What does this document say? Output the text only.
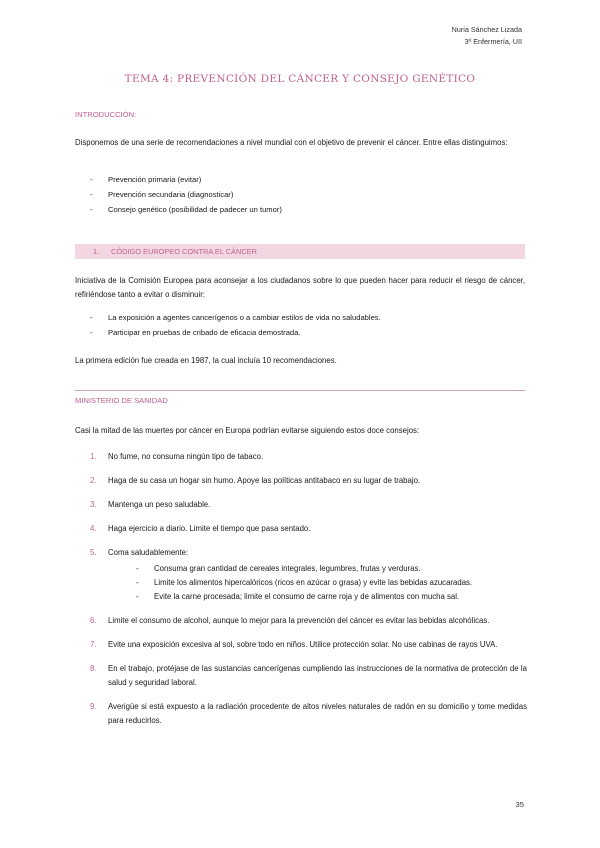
Nuria Sánchez Lizada
3º Enfermería, UII
TEMA 4: PREVENCIÓN DEL CÁNCER Y CONSEJO GENÉTICO
INTRODUCCIÓN:
Disponemos de una serie de recomendaciones a nivel mundial con el objetivo de prevenir el cáncer. Entre ellas distinguimos:
- Prevención primaria (evitar)
- Prevención secundaria (diagnosticar)
- Consejo genético (posibilidad de padecer un tumor)
1. CÓDIGO EUROPEO CONTRA EL CÁNCER
Iniciativa de la Comisión Europea para aconsejar a los ciudadanos sobre lo que pueden hacer para reducir el riesgo de cáncer, refiriéndose tanto a evitar o disminuir:
- La exposición a agentes cancerígenos o a cambiar estilos de vida no saludables.
- Participar en pruebas de cribado de eficacia demostrada.
La primera edición fue creada en 1987, la cual incluía 10 recomendaciones.
MINISTERIO DE SANIDAD
Casi la mitad de las muertes por cáncer en Europa podrían evitarse siguiendo estos doce consejos:
1. No fume, no consuma ningún tipo de tabaco.
2. Haga de su casa un hogar sin humo. Apoye las políticas antitabaco en su lugar de trabajo.
3. Mantenga un peso saludable.
4. Haga ejercicio a diario. Limite el tiempo que pasa sentado.
5. Coma saludablemente:
- Consuma gran cantidad de cereales integrales, legumbres, frutas y verduras.
- Limite los alimentos hipercalóricos (ricos en azúcar o grasa) y evite las bebidas azucaradas.
- Evite la carne procesada; limite el consumo de carne roja y de alimentos con mucha sal.
6. Limite el consumo de alcohol, aunque lo mejor para la prevención del cáncer es evitar las bebidas alcohólicas.
7. Evite una exposición excesiva al sol, sobre todo en niños. Utilice protección solar. No use cabinas de rayos UVA.
8. En el trabajo, protéjase de las sustancias cancerígenas cumpliendo las instrucciones de la normativa de protección de la salud y seguridad laboral.
9. Averigüe si está expuesto a la radiación procedente de altos niveles naturales de radón en su domicilio y tome medidas para reducirlos.
35
